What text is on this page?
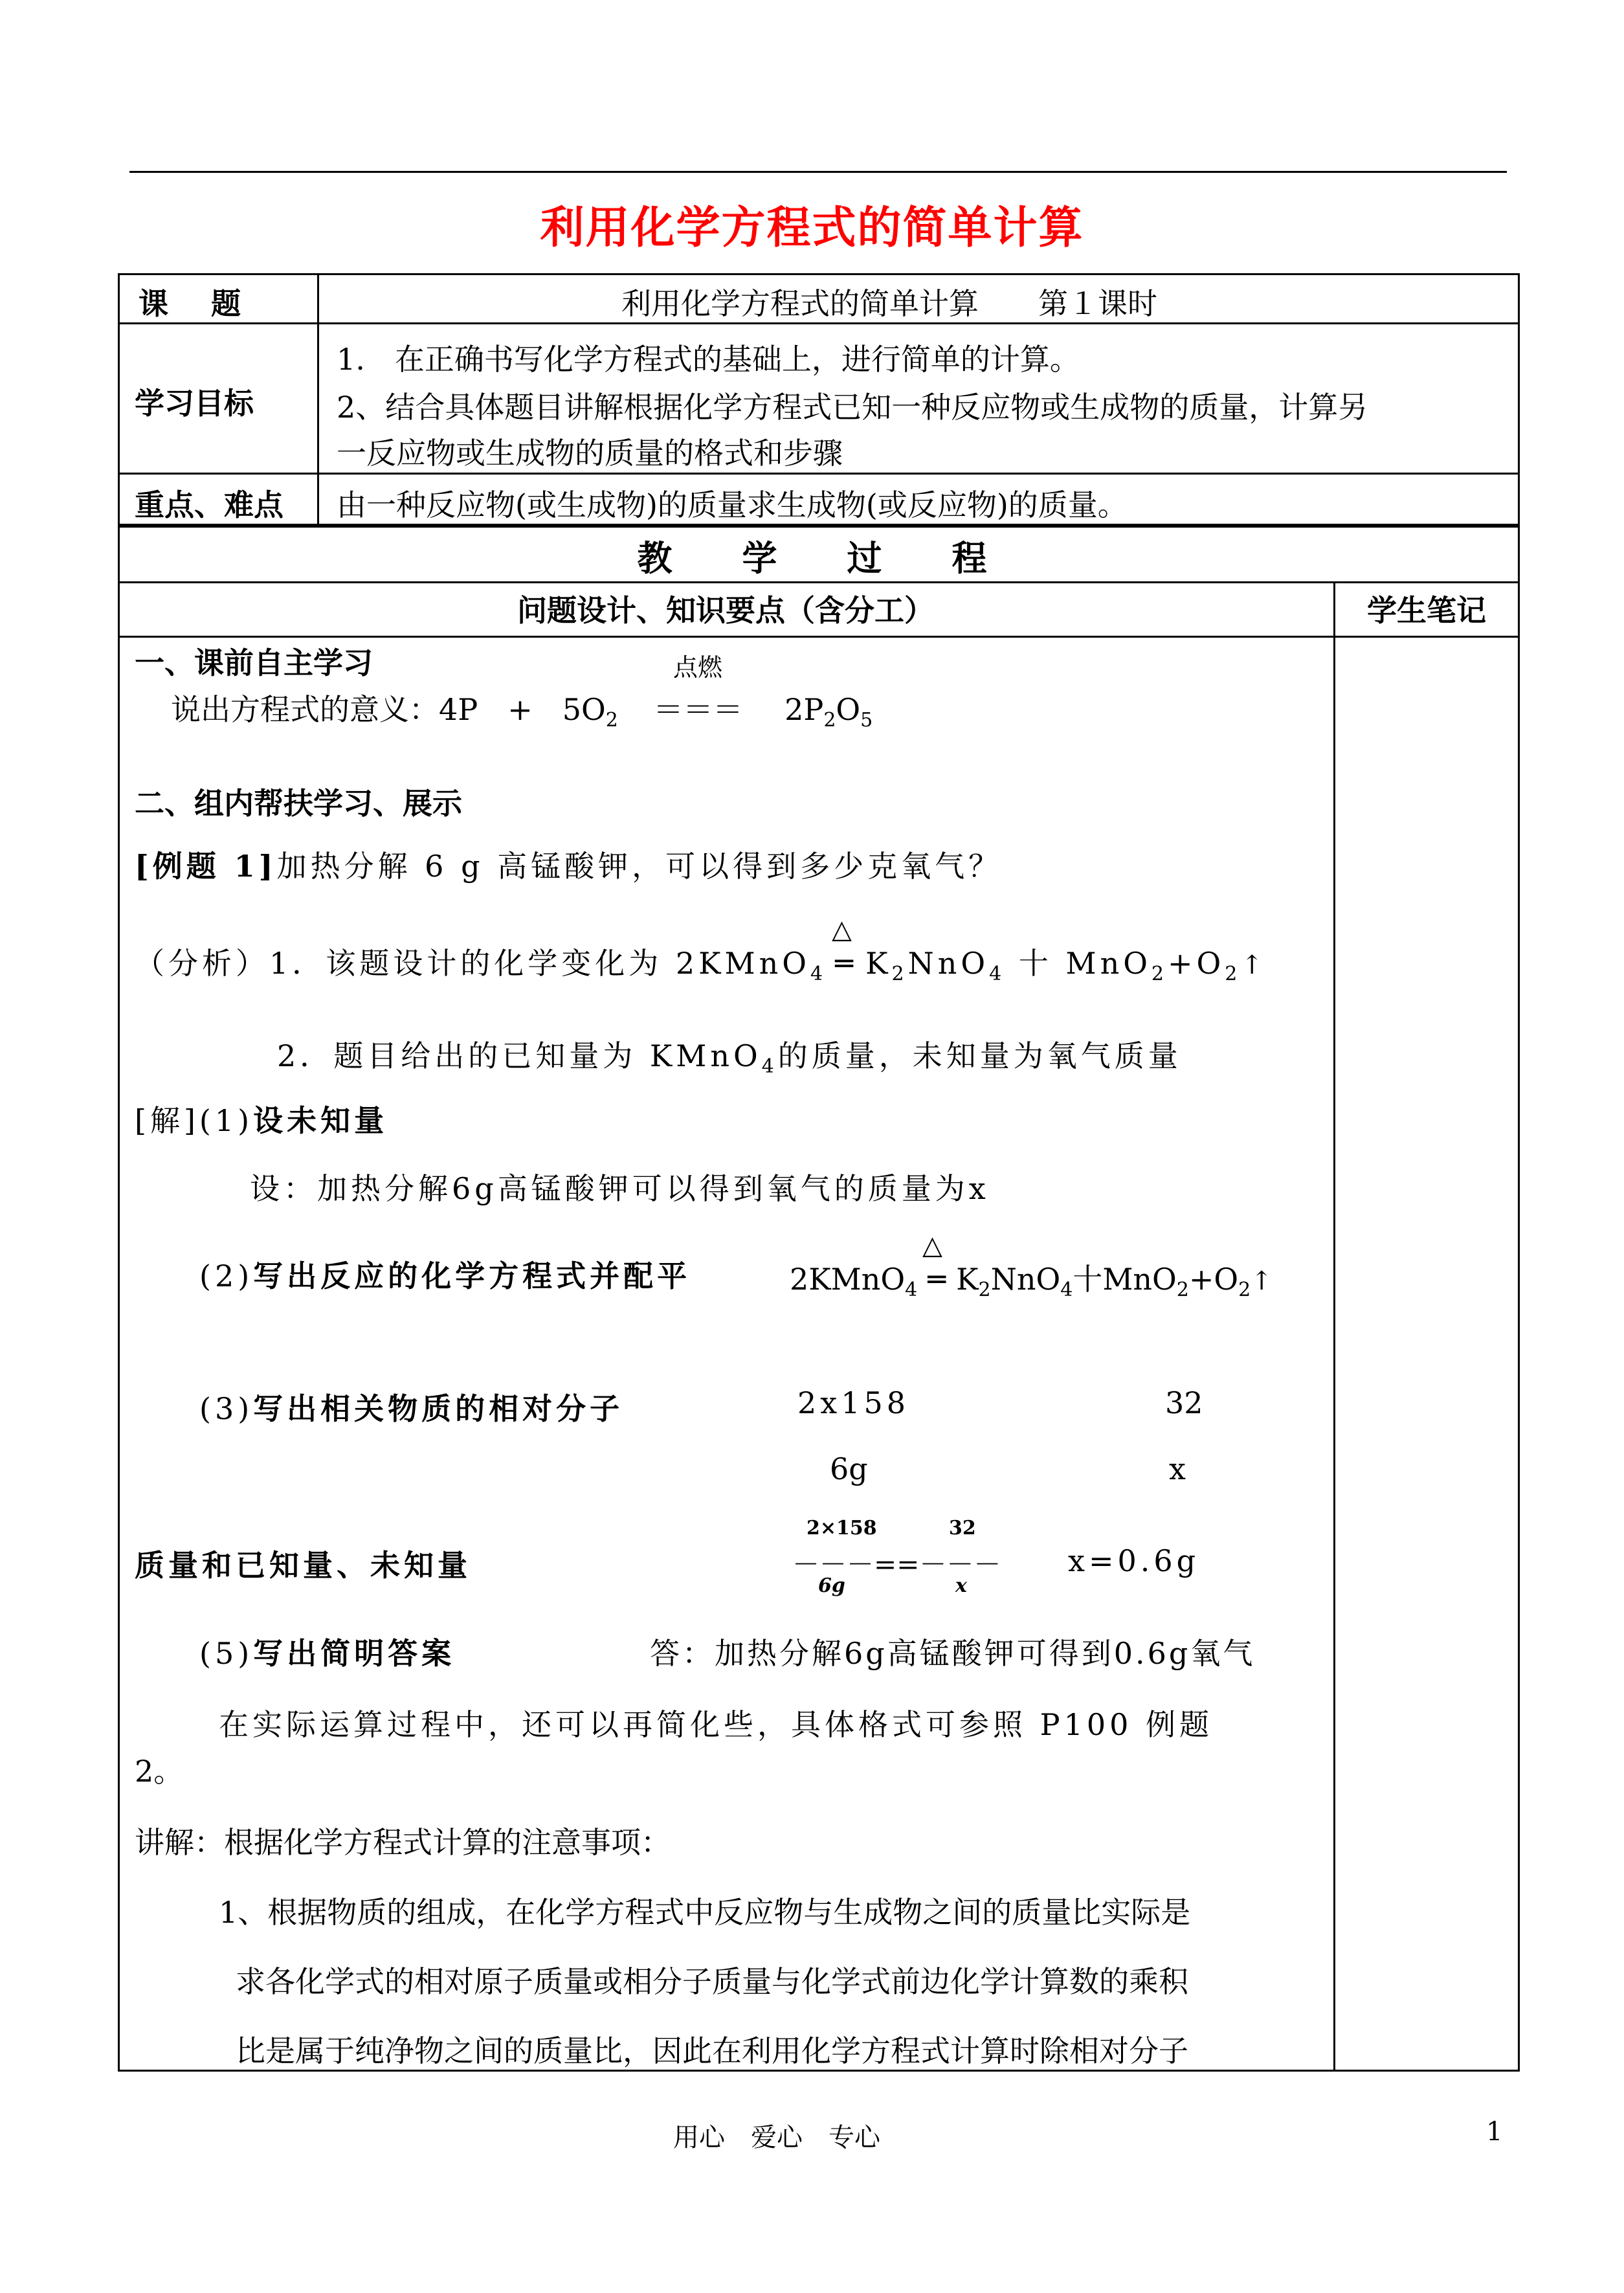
利用化学方程式的简单计算
课　题	利用化学方程式的简单计算　　第１课时
学习目标
1.　在正确书写化学方程式的基础上，进行简单的计算。
2、结合具体题目讲解根据化学方程式已知一种反应物或生成物的质量，计算另
一反应物或生成物的质量的格式和步骤
重点、难点 由一种反应物(或生成物)的质量求生成物(或反应物)的质量。
教　　学　　过　　程
问题设计、知识要点（含分工）	学生笔记
一、课前自主学习	点燃
说出方程式的意义：4P　+　$5O_2$ ＝＝＝ $2P_2O_5$
二、组内帮扶学习、展示
[例题 1]加热分解 6 g 高锰酸钾，可以得到多少克氧气？
（分析）1．该题设计的化学变化为 2KMnO$_4$
△
═ $K_2NnO_4$ 十 $MnO_2+O_2↑$
2．题目给出的已知量为 KMnO$_4$的质量，未知量为氧气质量
[解](1)设未知量
设：加热分解6g高锰酸钾可以得到氧气的质量为x
(2)写出反应的化学方程式并配平	2KMnO$_4$
△
═ $K_2NnO_4$十$MnO_2+O_2↑$
(3)写出相关物质的相对分子	2x158	32
6g	x
质量和已知量、未知量
2×158	32
－－－==－－－
6g	x
x=0.6g
(5)写出简明答案	答：加热分解6g高锰酸钾可得到0.6g氧气
在实际运算过程中，还可以再简化些，具体格式可参照 P100 例题
2。
讲解：根据化学方程式计算的注意事项：
1、根据物质的组成，在化学方程式中反应物与生成物之间的质量比实际是
求各化学式的相对原子质量或相分子质量与化学式前边化学计算数的乘积
比是属于纯净物之间的质量比，因此在利用化学方程式计算时除相对分子
用心　爱心　专心	1
